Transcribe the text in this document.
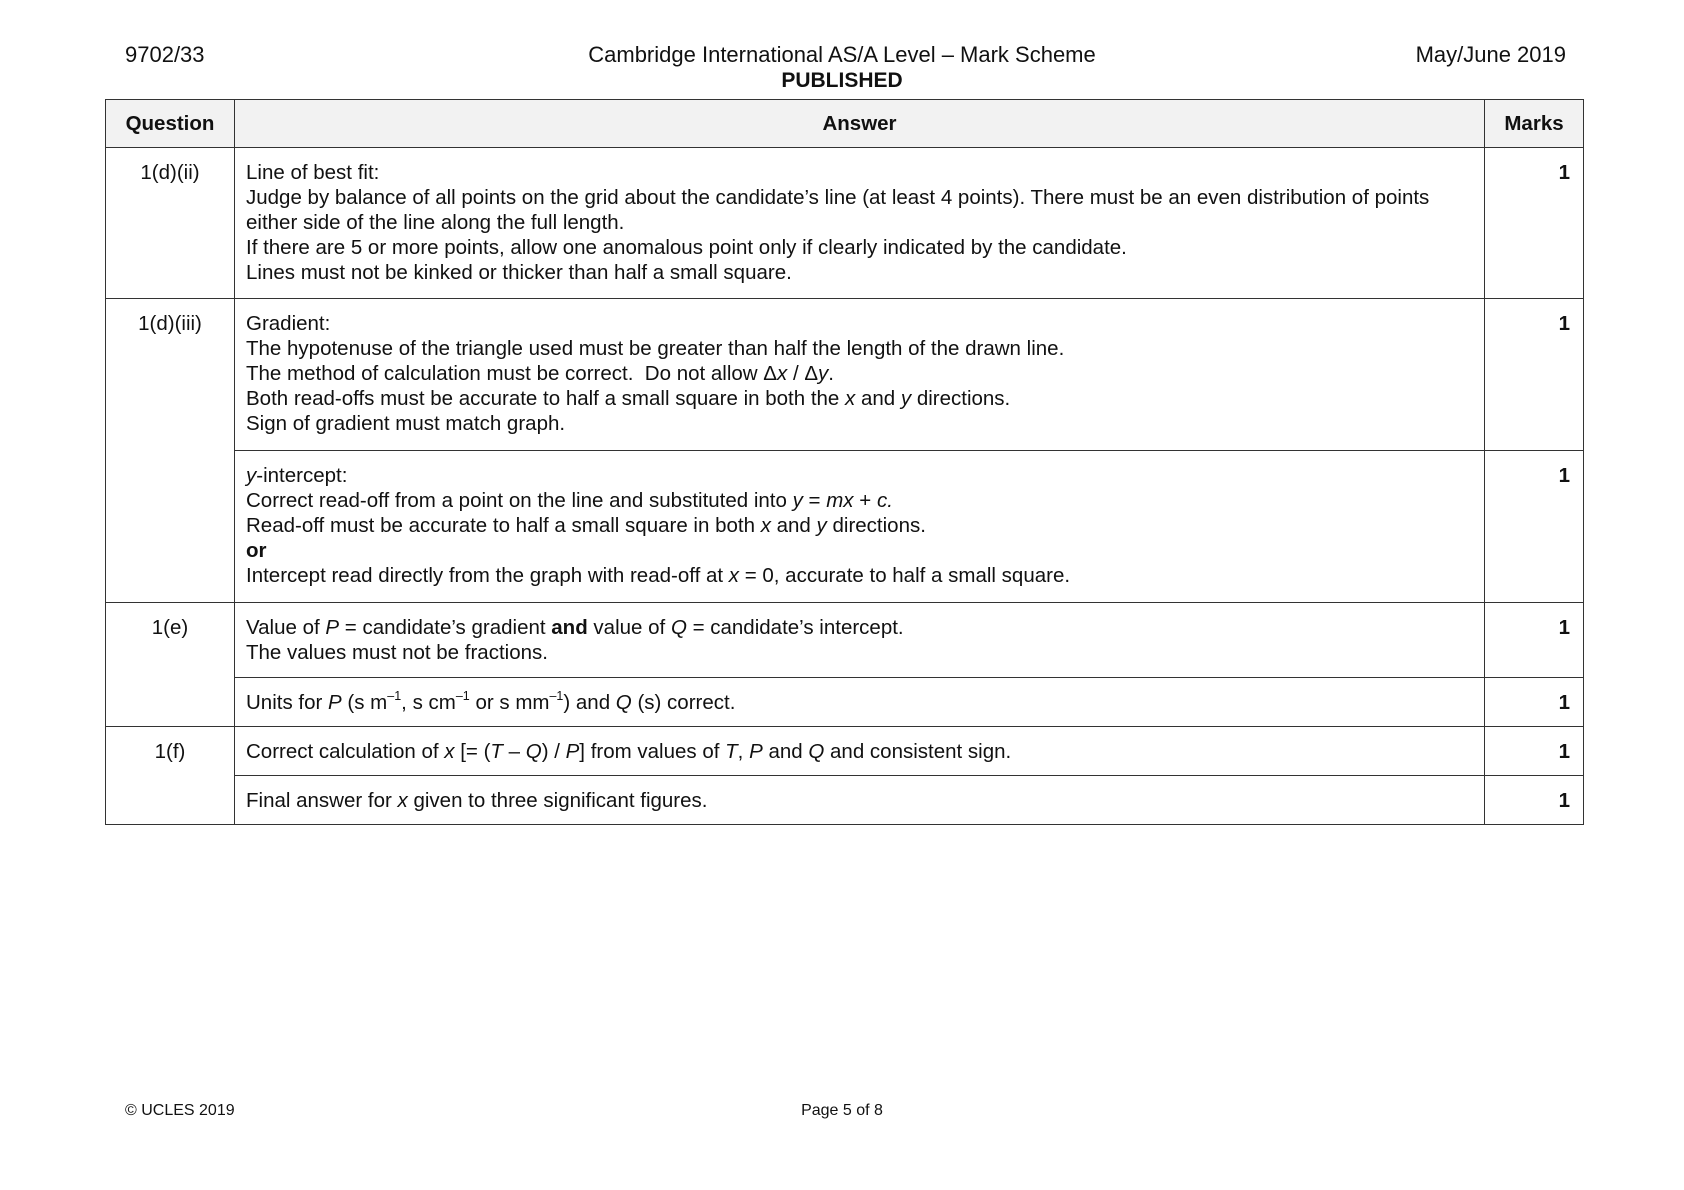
9702/33	Cambridge International AS/A Level – Mark Scheme	May/June 2019
PUBLISHED
Question	Answer	Marks
1(d)(ii)	Line of best fit:
Judge by balance of all points on the grid about the candidate’s line (at least 4 points). There must be an even distribution of points either side of the line along the full length.
If there are 5 or more points, allow one anomalous point only if clearly indicated by the candidate.
Lines must not be kinked or thicker than half a small square.	1
1(d)(iii)	Gradient:
The hypotenuse of the triangle used must be greater than half the length of the drawn line.
The method of calculation must be correct.  Do not allow Δx / Δy.
Both read-offs must be accurate to half a small square in both the x and y directions.
Sign of gradient must match graph.	1

	y-intercept:
Correct read-off from a point on the line and substituted into y = mx + c.
Read-off must be accurate to half a small square in both x and y directions.
or
Intercept read directly from the graph with read-off at x = 0, accurate to half a small square.	1
1(e)	Value of P = candidate’s gradient and value of Q = candidate’s intercept.
The values must not be fractions.	1

	Units for P (s $m^{-1}$, s $cm^{-1}$ or s $mm^{-1}$) and Q (s) correct.	1
1(f)	Correct calculation of x [= (T – Q) / P] from values of T, P and Q and consistent sign.	1

	Final answer for x given to three significant figures.	1
© UCLES 2019	Page 5 of 8
